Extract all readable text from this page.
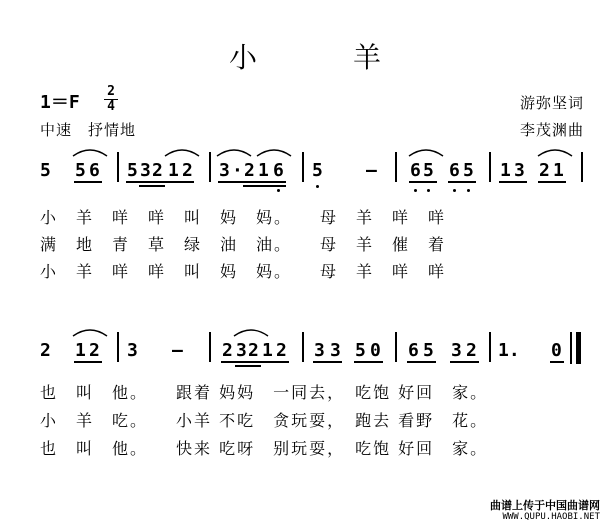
小　羊
1＝F
2
4
中速　抒情地
游弥坚词
李茂渊曲
5 5 6 5 3 2 1 2 3 · 2 1 6 5 – 6 5 6 5 1 3 2 1
小　羊　咩　咩　叫　妈　妈。　　母　羊　咩　咩
满　地　青　草　绿　油　油。　　母　羊　催　着
小　羊　咩　咩　叫　妈　妈。　　母　羊　咩　咩
2 1 2 3 – 2 3 2 1 2 3 3 5 0 6 5 3 2 1. 0
也　叫　他。　　跟着 妈妈　一同去，　吃饱 好回　家。
小　羊　吃。　　小羊 不吃　贪玩耍，　跑去 看野　花。
也　叫　他。　　快来 吃呀　别玩耍，　吃饱 好回　家。
曲谱上传于中国曲谱网
WWW.QUPU.HAOBI.NET
